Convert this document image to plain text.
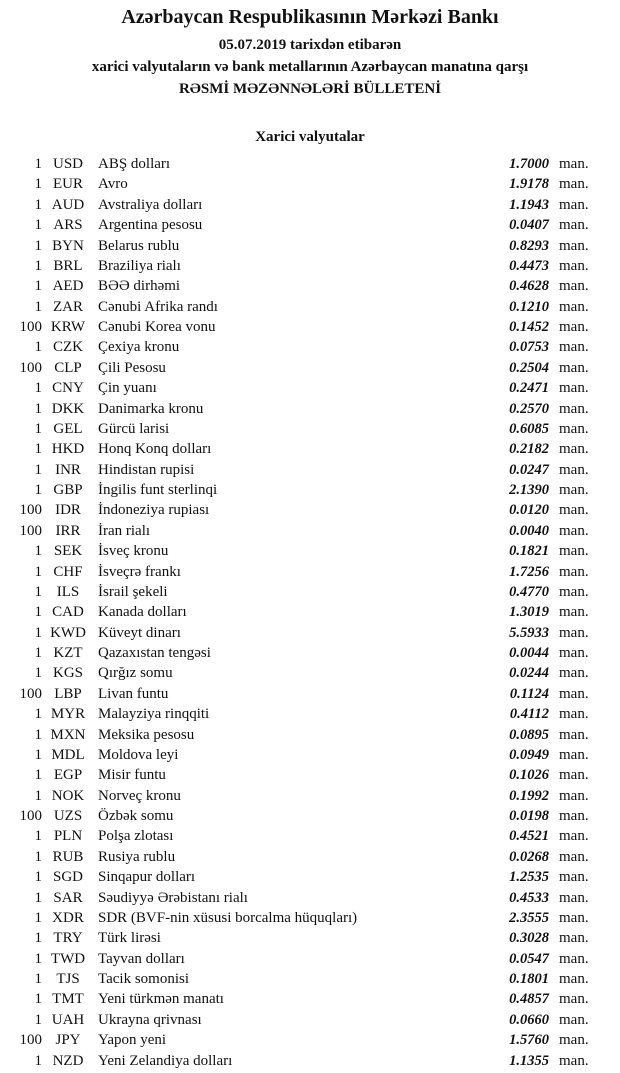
Azərbaycan Respublikasının Mərkəzi Bankı
05.07.2019 tarixdən etibarən
xarici valyutaların və bank metallarının Azərbaycan manatına qarşı
RƏSMİ MƏZƏNNƏLƏRİ BÜLLETENİ
Xarici valyutalar
1 USD	ABŞ dolları	1.7000 man.
1 EUR	Avro	1.9178 man.
1 AUD Avstraliya dolları	1.1943 man.
1 ARS	Argentina pesosu	0.0407 man.
1 BYN Belarus rublu	0.8293 man.
1 BRL	Braziliya rialı	0.4473 man.
1 AED BƏƏ dirhəmi	0.4628 man.
1 ZAR	Cənubi Afrika randı	0.1210 man.
100 KRW Cənubi Korea vonu	0.1452 man.
1 CZK	Çexiya kronu	0.0753 man.
100 CLP	Çili Pesosu	0.2504 man.
1 CNY Çin yuanı	0.2471 man.
1 DKK Danimarka kronu	0.2570 man.
1 GEL	Gürcü larisi	0.6085 man.
1 HKD Honq Konq dolları	0.2182 man.
1 INR	Hindistan rupisi	0.0247 man.
1 GBP	İngilis funt sterlinqi	2.1390 man.
100 IDR	İndoneziya rupiası	0.0120 man.
100 IRR	İran rialı	0.0040 man.
1 SEK	İsveç kronu	0.1821 man.
1 CHF	İsveçrə frankı	1.7256 man.
1 ILS	İsrail şekeli	0.4770 man.
1 CAD Kanada dolları	1.3019 man.
1 KWD Küveyt dinarı	5.5933 man.
1 KZT	Qazaxıstan tengəsi	0.0044 man.
1 KGS	Qırğız somu	0.0244 man.
100 LBP	Livan funtu	0.1124 man.
1 MYR Malayziya rinqqiti	0.4112 man.
1 MXN Meksika pesosu	0.0895 man.
1 MDL Moldova leyi	0.0949 man.
1 EGP	Misir funtu	0.1026 man.
1 NOK Norveç kronu	0.1992 man.
100 UZS	Özbək somu	0.0198 man.
1 PLN	Polşa zlotası	0.4521 man.
1 RUB Rusiya rublu	0.0268 man.
1 SGD	Sinqapur dolları	1.2535 man.
1 SAR	Səudiyyə Ərəbistanı rialı	0.4533 man.
1 XDR SDR (BVF-nin xüsusi borcalma hüquqları)	2.3555 man.
1 TRY	Türk lirəsi	0.3028 man.
1 TWD Tayvan dolları	0.0547 man.
1 TJS	Tacik somonisi	0.1801 man.
1 TMT Yeni türkmən manatı	0.4857 man.
1 UAH Ukrayna qrivnası	0.0660 man.
100 JPY	Yapon yeni	1.5760 man.
1 NZD Yeni Zelandiya dolları	1.1355 man.
